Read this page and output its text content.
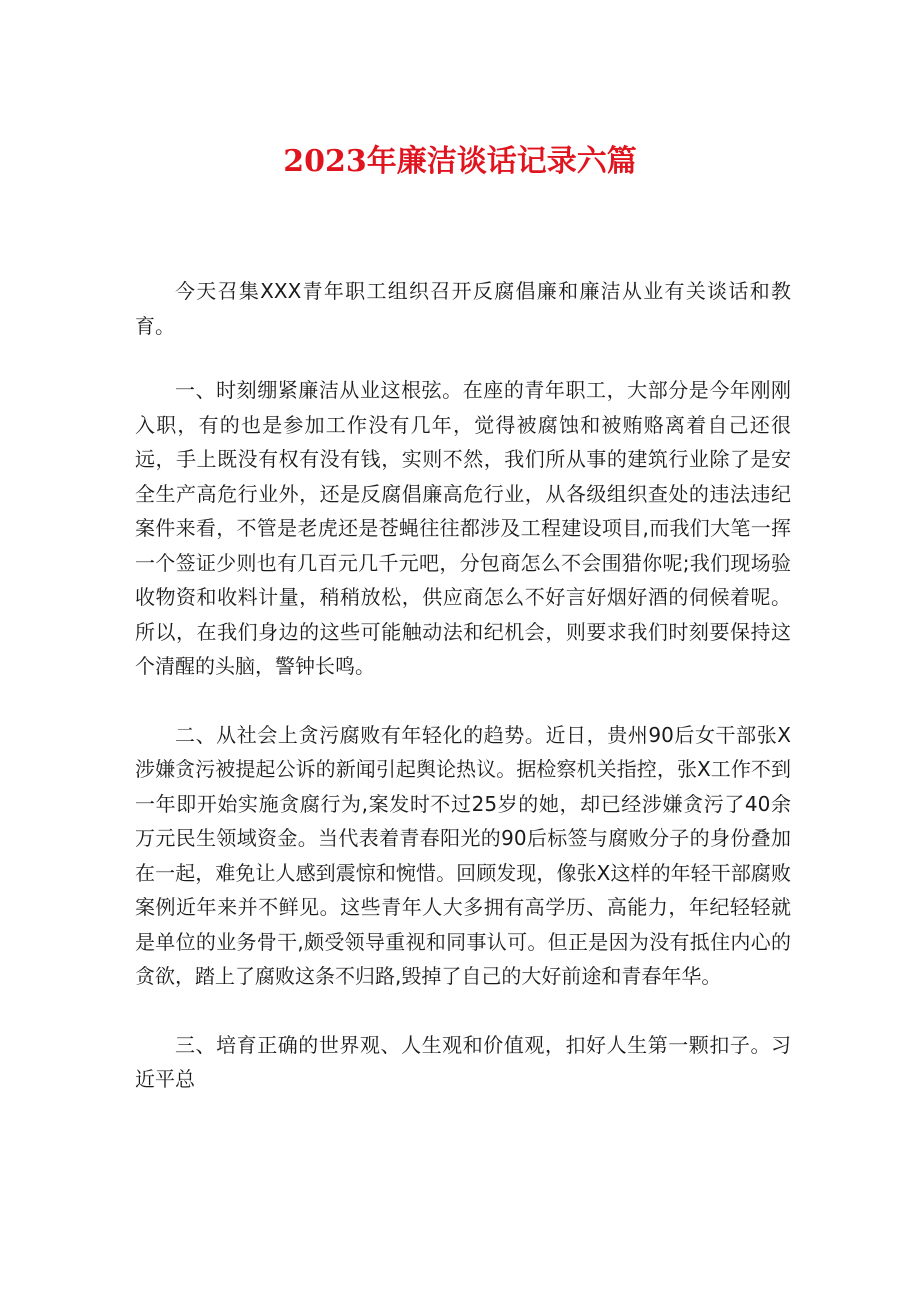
2023年廉洁谈话记录六篇

今天召集XXX青年职工组织召开反腐倡廉和廉洁从业有关谈话和教育。

一、时刻绷紧廉洁从业这根弦。在座的青年职工，大部分是今年刚刚入职，有的也是参加工作没有几年，觉得被腐蚀和被贿赂离着自己还很远，手上既没有权有没有钱，实则不然，我们所从事的建筑行业除了是安全生产高危行业外，还是反腐倡廉高危行业，从各级组织查处的违法违纪案件来看，不管是老虎还是苍蝇往往都涉及工程建设项目,而我们大笔一挥一个签证少则也有几百元几千元吧，分包商怎么不会围猎你呢;我们现场验收物资和收料计量，稍稍放松，供应商怎么不好言好烟好酒的伺候着呢。所以，在我们身边的这些可能触动法和纪机会，则要求我们时刻要保持这个清醒的头脑，警钟长鸣。

二、从社会上贪污腐败有年轻化的趋势。近日，贵州90后女干部张X涉嫌贪污被提起公诉的新闻引起舆论热议。据检察机关指控，张X工作不到一年即开始实施贪腐行为,案发时不过25岁的她，却已经涉嫌贪污了40余万元民生领域资金。当代表着青春阳光的90后标签与腐败分子的身份叠加在一起，难免让人感到震惊和惋惜。回顾发现，像张X这样的年轻干部腐败案例近年来并不鲜见。这些青年人大多拥有高学历、高能力，年纪轻轻就是单位的业务骨干,颇受领导重视和同事认可。但正是因为没有抵住内心的贪欲，踏上了腐败这条不归路,毁掉了自己的大好前途和青春年华。

三、培育正确的世界观、人生观和价值观，扣好人生第一颗扣子。习近平总
